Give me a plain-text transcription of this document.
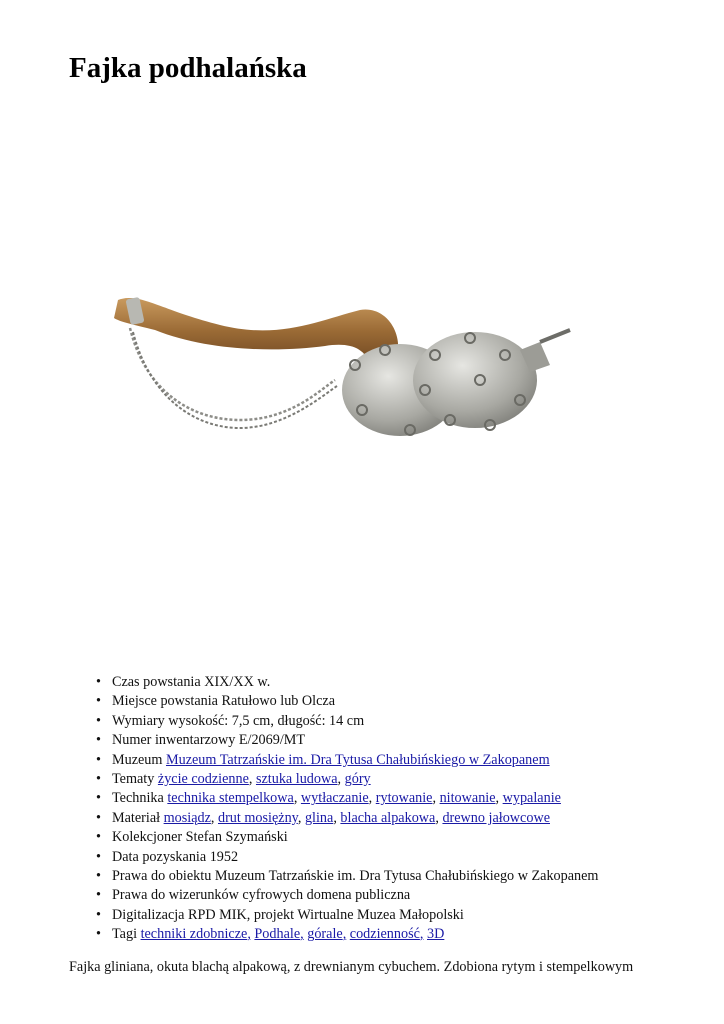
Fajka podhalańska
• Czas powstania XIX/XX w.
• Miejsce powstania Ratułowo lub Olcza
• Wymiary wysokość: 7,5 cm, długość: 14 cm
• Numer inwentarzowy E/2069/MT
• Muzeum Muzeum Tatrzańskie im. Dra Tytusa Chałubińskiego w Zakopanem
• Tematy życie codzienne, sztuka ludowa, góry
• Technika technika stempelkowa, wytłaczanie, rytowanie, nitowanie, wypalanie
• Materiał mosiądz, drut mosiężny, glina, blacha alpakowa, drewno jałowcowe
• Kolekcjoner Stefan Szymański
• Data pozyskania 1952
• Prawa do obiektu Muzeum Tatrzańskie im. Dra Tytusa Chałubińskiego w Zakopanem
• Prawa do wizerunków cyfrowych domena publiczna
• Digitalizacja RPD MIK, projekt Wirtualne Muzea Małopolski
• Tagi techniki zdobnicze, Podhale, górale, codzienność, 3D

Fajka gliniana, okuta blachą alpakową, z drewnianym cybuchem. Zdobiona rytym i stempelkowym
